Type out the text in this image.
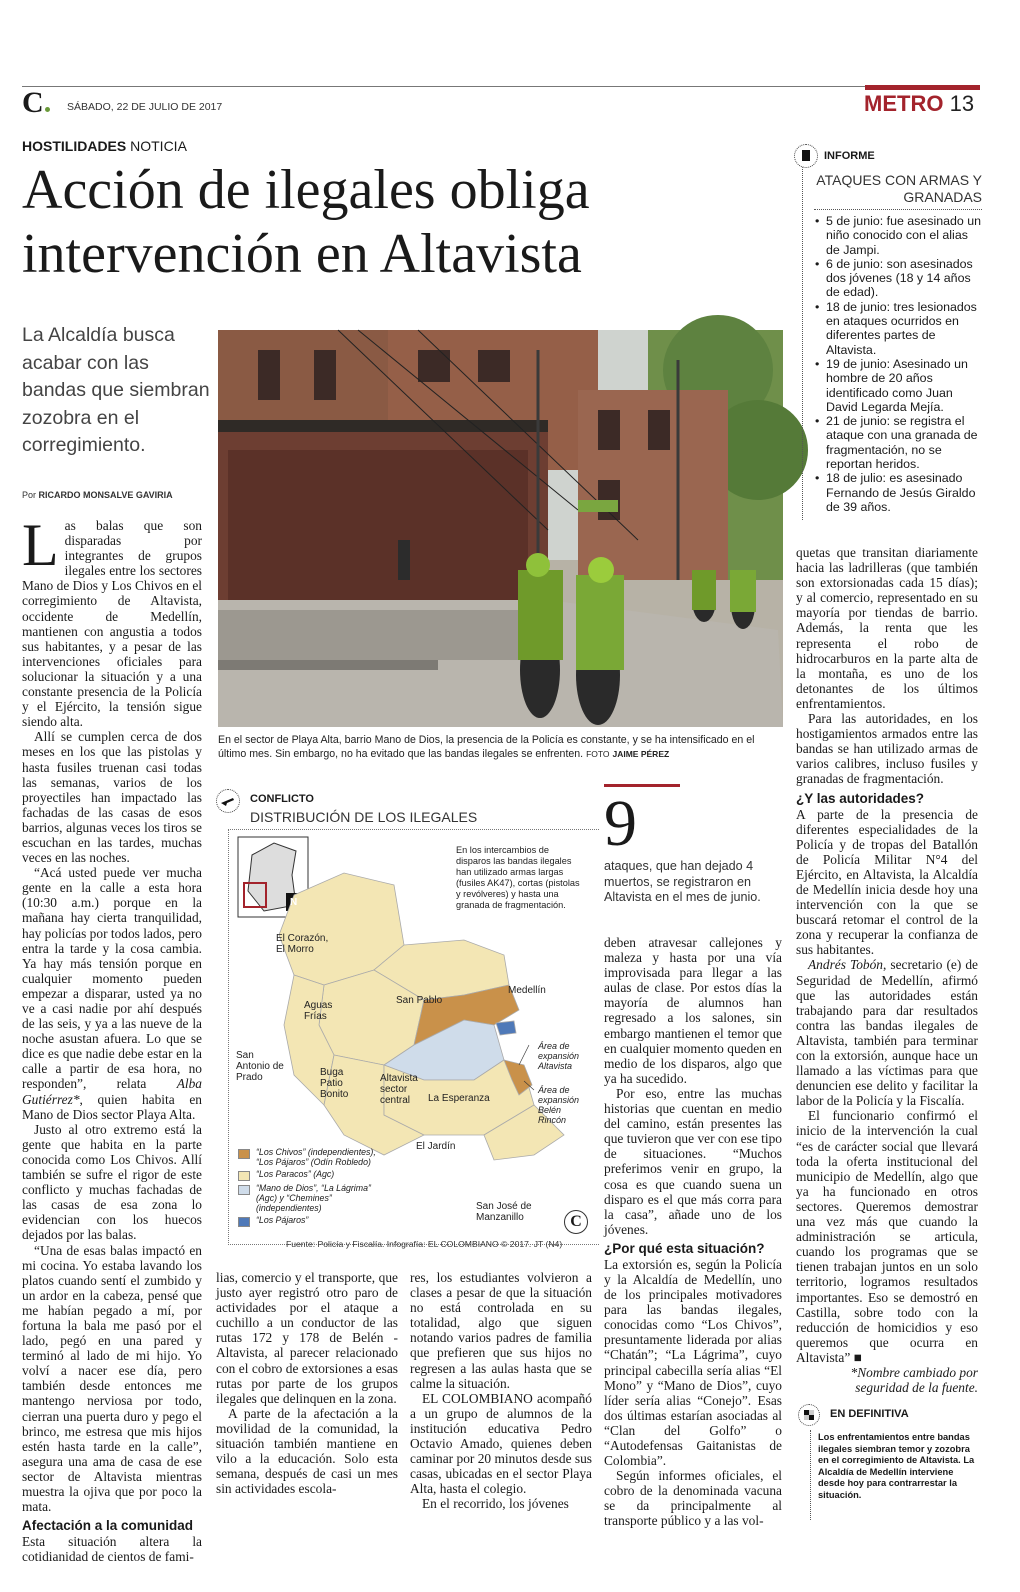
C	SÁBADO, 22 DE JULIO DE 2017	METRO 13
HOSTILIDADES NOTICIA
Acción de ilegales obliga
intervención en Altavista
La Alcaldía busca acabar con las bandas que siembran zozobra en el corregimiento.
Por RICARDO MONSALVE GAVIRIA
En el sector de Playa Alta, barrio Mano de Dios, la presencia de la Policía es constante, y se ha intensificado en el último mes. Sin embargo, no ha evitado que las bandas ilegales se enfrenten. FOTO JAIME PÉREZ
INFORME
ATAQUES CON ARMAS Y GRANADAS
• 5 de junio: fue asesinado un niño conocido con el alias de Jampi.
• 6 de junio: son asesinados dos jóvenes (18 y 14 años de edad).
• 18 de junio: tres lesionados en ataques ocurridos en diferentes partes de Altavista.
• 19 de junio: Asesinado un hombre de 20 años identificado como Juan David Legarda Mejía.
• 21 de junio: se registra el ataque con una granada de fragmentación, no se reportan heridos.
• 18 de julio: es asesinado Fernando de Jesús Giraldo de 39 años.

Las balas que son disparadas por integrantes de grupos ilegales entre los sectores Mano de Dios y Los Chivos en el corregimiento de Altavista, occidente de Medellín, mantienen con angustia a todos sus habitantes, y a pesar de las intervenciones oficiales para solucionar la situación y a una constante presencia de la Policía y el Ejército, la tensión sigue siendo alta.

Allí se cumplen cerca de dos meses en los que las pistolas y hasta fusiles truenan casi todas las semanas, varios de los proyectiles han impactado las fachadas de las casas de esos barrios, algunas veces los tiros se escuchan en las tardes, muchas veces en las noches.

“Acá usted puede ver mucha gente en la calle a esta hora (10:30 a.m.) porque en la mañana hay cierta tranquilidad, hay policías por todos lados, pero entra la tarde y la cosa cambia. Ya hay más tensión porque en cualquier momento pueden empezar a disparar, usted ya no ve a casi nadie por ahí después de las seis, y ya a las nueve de la noche asustan afuera. Lo que se dice es que nadie debe estar en la calle a partir de esa hora, no responden”, relata Alba Gutiérrez*, quien habita en Mano de Dios sector Playa Alta.

Justo al otro extremo está la gente que habita en la parte conocida como Los Chivos. Allí también se sufre el rigor de este conflicto y muchas fachadas de las casas de esa zona lo evidencian con los huecos dejados por las balas.

“Una de esas balas impactó en mi cocina. Yo estaba lavando los platos cuando sentí el zumbido y un ardor en la cabeza, pensé que me habían pegado a mí, por fortuna la bala me pasó por el lado, pegó en una pared y terminó al lado de mi hijo. Yo volví a nacer ese día, pero también desde entonces me mantengo nerviosa por todo, cierran una puerta duro y pego el brinco, me estresa que mis hijos estén hasta tarde en la calle”, asegura una ama de casa de ese sector de Altavista mientras muestra la ojiva que por poco la mata.

Afectación a la comunidad

Esta situación altera la cotidianidad de cientos de fami-

CONFLICTO
DISTRIBUCIÓN DE LOS ILEGALES
N
En los intercambios de disparos las bandas ilegales han utilizado armas largas (fusiles AK47), cortas (pistolas y revólveres) y hasta una granada de fragmentación.
El Corazón, El Morro
Aguas Frías
San Pablo
Medellín
San Antonio de Prado	Buga Patio Bonito
Altavista sector central	La Esperanza
El Jardín
San José de Manzanillo
Área de expansión Altavista
Área de expansión Belén Rincón
“Los Chivos” (independientes), “Los Pájaros” (Odín Robledo)
“Los Paracos” (Agc)
“Mano de Dios”, “La Lágrima” (Agc) y “Chemines” (independientes)
“Los Pájaros”	C
Fuente: Policía y Fiscalía. Infografía: EL COLOMBIANO © 2017. JT (N4)
9
ataques, que han dejado 4 muertos, se registraron en Altavista en el mes de junio.

lias, comercio y el transporte, que justo ayer registró otro paro de actividades por el ataque a cuchillo a un conductor de las rutas 172 y 178 de Belén - Altavista, al parecer relacionado con el cobro de extorsiones a esas rutas por parte de los grupos ilegales que delinquen en la zona.

A parte de la afectación a la movilidad de la comunidad, la situación también mantiene en vilo a la educación. Solo esta semana, después de casi un mes sin actividades escola-

res, los estudiantes volvieron a clases a pesar de que la situación no está controlada en su totalidad, algo que siguen notando varios padres de familia que prefieren que sus hijos no regresen a las aulas hasta que se calme la situación.

EL COLOMBIANO acompañó a un grupo de alumnos de la institución educativa Pedro Octavio Amado, quienes deben caminar por 20 minutos desde sus casas, ubicadas en el sector Playa Alta, hasta el colegio.

En el recorrido, los jóvenes

deben atravesar callejones y maleza y hasta por una vía improvisada para llegar a las aulas de clase. Por estos días la mayoría de alumnos han regresado a los salones, sin embargo mantienen el temor que en cualquier momento queden en medio de los disparos, algo que ya ha sucedido.

Por eso, entre las muchas historias que cuentan en medio del camino, están presentes las que tuvieron que ver con ese tipo de situaciones. “Muchos preferimos venir en grupo, la cosa es que cuando suena un disparo es el que más corra para la casa”, añade uno de los jóvenes.

¿Por qué esta situación?

La extorsión es, según la Policía y la Alcaldía de Medellín, uno de los principales motivadores para las bandas ilegales, conocidas como “Los Chivos”, presuntamente liderada por alias “Chatán”; “La Lágrima”, cuyo principal cabecilla sería alias “El Mono” y “Mano de Dios”, cuyo líder sería alias “Conejo”. Esas dos últimas estarían asociadas al “Clan del Golfo” o “Autodefensas Gaitanistas de Colombia”.

Según informes oficiales, el cobro de la denominada vacuna se da principalmente al transporte público y a las vol-

quetas que transitan diariamente hacia las ladrilleras (que también son extorsionadas cada 15 días); y al comercio, representado en su mayoría por tiendas de barrio. Además, la renta que les representa el robo de hidrocarburos en la parte alta de la montaña, es uno de los detonantes de los últimos enfrentamientos.

Para las autoridades, en los hostigamientos armados entre las bandas se han utilizado armas de varios calibres, incluso fusiles y granadas de fragmentación.

¿Y las autoridades?

A parte de la presencia de diferentes especialidades de la Policía y de tropas del Batallón de Policía Militar N°4 del Ejército, en Altavista, la Alcaldía de Medellín inicia desde hoy una intervención con la que se buscará retomar el control de la zona y recuperar la confianza de sus habitantes.

Andrés Tobón, secretario (e) de Seguridad de Medellín, afirmó que las autoridades están trabajando para dar resultados contra las bandas ilegales de Altavista, también para terminar con la extorsión, aunque hace un llamado a las víctimas para que denuncien ese delito y facilitar la labor de la Policía y la Fiscalía.

El funcionario confirmó el inicio de la intervención la cual “es de carácter social que llevará toda la oferta institucional del municipio de Medellín, algo que ya ha funcionado en otros sectores. Queremos demostrar una vez más que cuando la administración se articula, cuando los programas que se tienen trabajan juntos en un solo territorio, logramos resultados importantes. Eso se demostró en Castilla, sobre todo con la reducción de homicidios y eso queremos que ocurra en Altavista” ■

*Nombre cambiado por seguridad de la fuente.

EN DEFINITIVA
Los enfrentamientos entre bandas ilegales siembran temor y zozobra en el corregimiento de Altavista. La Alcaldía de Medellín interviene desde hoy para contrarrestar la situación.
